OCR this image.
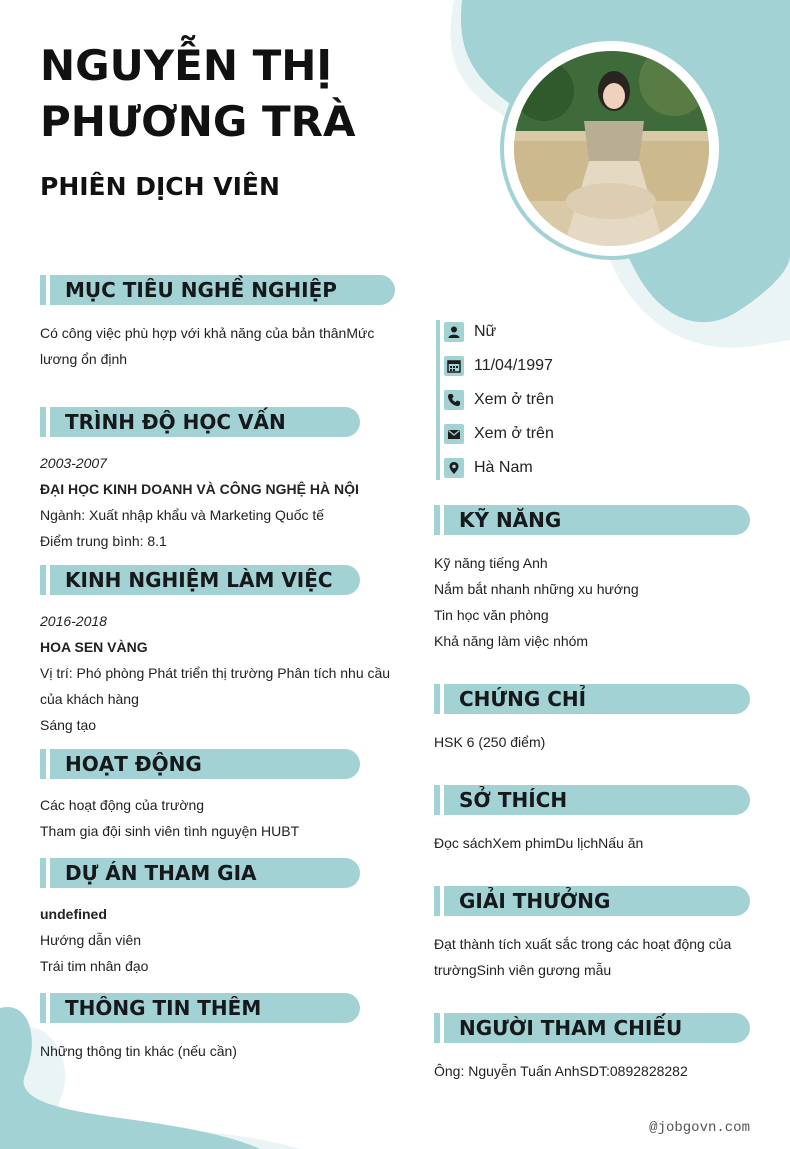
NGUYỄN THỊ
PHƯƠNG TRÀ
PHIÊN DỊCH VIÊN
MỤC TIÊU NGHỀ NGHIỆP

Có công việc phù hợp với khả năng của bản thânMức

lương ổn định

TRÌNH ĐỘ HỌC VẤN

2003-2007

ĐẠI HỌC KINH DOANH VÀ CÔNG NGHỆ HÀ NỘI

Ngành: Xuất nhập khẩu và Marketing Quốc tế

Điểm trung bình: 8.1

KINH NGHIỆM LÀM VIỆC

2016-2018

HOA SEN VÀNG

Vị trí: Phó phòng Phát triển thị trường Phân tích nhu cầu

của khách hàng

Sáng tạo

HOẠT ĐỘNG

Các hoạt động của trường

Tham gia đội sinh viên tình nguyện HUBT

DỰ ÁN THAM GIA

undefined

Hướng dẫn viên

Trái tim nhân đạo

THÔNG TIN THÊM
Những thông tin khác (nếu cần)
Nữ
11/04/1997
Xem ở trên
Xem ở trên
Hà Nam
KỸ NĂNG

Kỹ năng tiếng Anh

Nắm bắt nhanh những xu hướng

Tin học văn phòng

Khả năng làm việc nhóm

CHỨNG CHỈ
HSK 6 (250 điểm)
SỞ THÍCH
Đọc sáchXem phimDu lịchNấu ăn
GIẢI THƯỞNG

Đạt thành tích xuất sắc trong các hoạt động của

trườngSinh viên gương mẫu

NGƯỜI THAM CHIẾU
Ông: Nguyễn Tuấn AnhSDT:0892828282
@jobgovn.com
